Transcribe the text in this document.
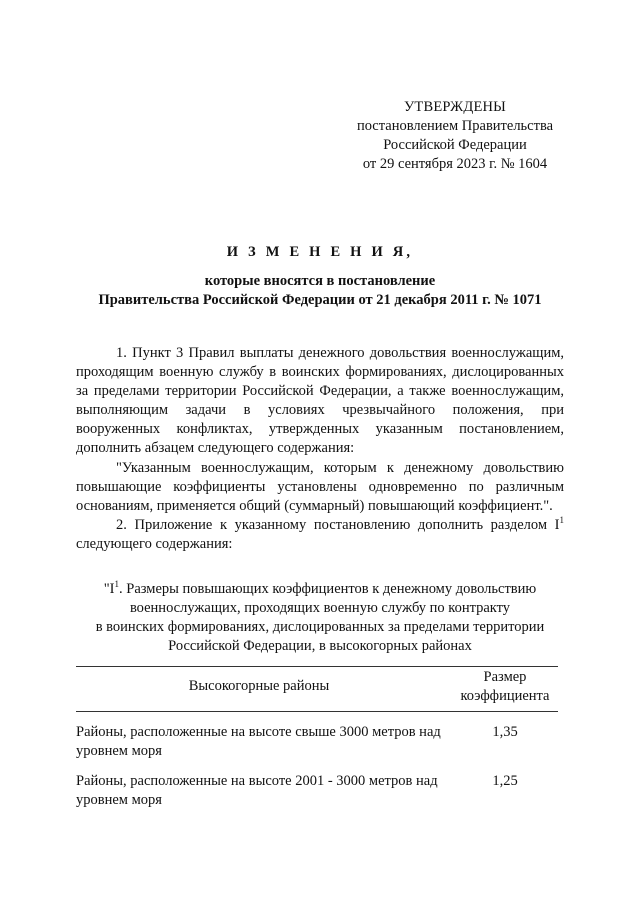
УТВЕРЖДЕНЫ
постановлением Правительства
Российской Федерации
от 29 сентября 2023 г. № 1604
И З М Е Н Е Н И Я,
которые вносятся в постановление
Правительства Российской Федерации от 21 декабря 2011 г. № 1071

1. Пункт 3 Правил выплаты денежного довольствия военнослужащим, проходящим военную службу в воинских формированиях, дислоцированных за пределами территории Российской Федерации, а также военнослужащим, выполняющим задачи в условиях чрезвычайного положения, при вооруженных конфликтах, утвержденных указанным постановлением, дополнить абзацем следующего содержания:

"Указанным военнослужащим, которым к денежному довольствию повышающие коэффициенты установлены одновременно по различным основаниям, применяется общий (суммарный) повышающий коэффициент.".

2. Приложение к указанному постановлению дополнить разделом $I^1$ следующего содержания:

"$I^1$. Размеры повышающих коэффициентов к денежному довольствию
военнослужащих, проходящих военную службу по контракту
в воинских формированиях, дислоцированных за пределами территории
Российской Федерации, в высокогорных районах
Высокогорные районы
Размер
коэффициента
Районы, расположенные на высоте свыше 3000 метров над уровнем моря
1,35
Районы, расположенные на высоте 2001 - 3000 метров над уровнем моря
1,25
